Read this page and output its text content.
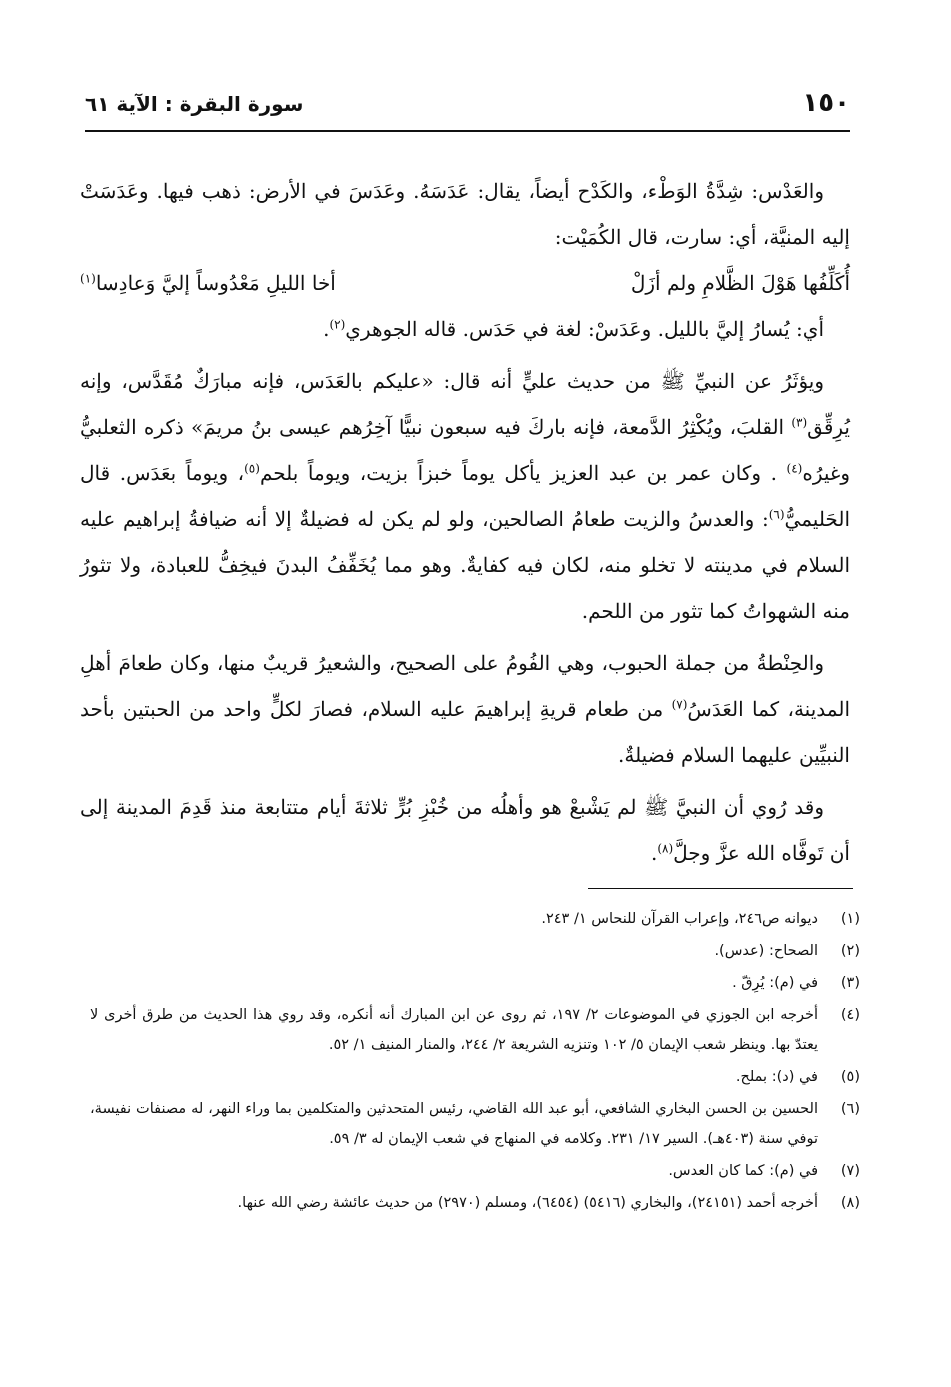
١٥٠
سورة البقرة : الآية ٦١

والعَدْس: شِدَّةُ الوَطْء، والكَدْح أيضاً، يقال: عَدَسَهُ. وعَدَسَ في الأرض: ذهب فيها. وعَدَسَتْ إليه المنيَّة، أي: سارت، قال الكُمَيْت:

أُكَلِّفُها هَوْلَ الظَّلامِ ولم أزَلْ
أخا الليلِ مَعْدُوساً إليَّ وَعادِسا$^{(١)}$

أي: يُسارُ إليَّ بالليل. وعَدَسْ: لغة في حَدَس. قاله الجوهري$^{(٢)}$.

ويؤثَرُ عن النبيِّ ﷺ من حديث عليٍّ أنه قال: «عليكم بالعَدَس، فإنه مبارَكٌ مُقَدَّس، وإنه يُرِقِّق$^{(٣)}$ القلبَ، ويُكْثِرُ الدَّمعة، فإنه باركَ فيه سبعون نبيًّا آخِرُهم عيسى بنُ مريمَ» ذكره الثعلبيُّ وغيرُه$^{(٤)}$ . وكان عمر بن عبد العزيز يأكل يوماً خبزاً بزيت، ويوماً بلحم$^{(٥)}$، ويوماً بعَدَس. قال الحَليميُّ$^{(٦)}$: والعدسُ والزيت طعامُ الصالحين، ولو لم يكن له فضيلةٌ إلا أنه ضيافةُ إبراهيم عليه السلام في مدينته لا تخلو منه، لكان فيه كفايةٌ. وهو مما يُخَفِّفُ البدنَ فيخِفُّ للعبادة، ولا تثورُ منه الشهواتُ كما تثور من اللحم.

والحِنْطةُ من جملة الحبوب، وهي الفُومُ على الصحيح، والشعيرُ قريبٌ منها، وكان طعامَ أهلِ المدينة، كما العَدَسُ$^{(٧)}$ من طعام قريةِ إبراهيمَ عليه السلام، فصارَ لكلٍّ واحد من الحبتين بأحد النبيِّين عليهما السلام فضيلةٌ.

وقد رُوي أن النبيَّ ﷺ لم يَشْبعْ هو وأهلُه من خُبْزِ بُرٍّ ثلاثةَ أيام متتابعة منذ قَدِمَ المدينة إلى أن تَوفَّاه الله عزَّ وجلَّ$^{(٨)}$.

(١)
ديوانه ص٢٤٦، وإعراب القرآن للنحاس ١/ ٢٤٣.
(٢)
الصحاح: (عدس).
(٣)
في (م): يُرِقّ .
(٤)
أخرجه ابن الجوزي في الموضوعات ٢/ ١٩٧، ثم روى عن ابن المبارك أنه أنكره، وقد روي هذا الحديث من طرق أخرى لا يعتدّ بها. وينظر شعب الإيمان ٥/ ١٠٢ وتنزيه الشريعة ٢/ ٢٤٤، والمنار المنيف ١/ ٥٢.
(٥)
في (د): بملح.
(٦)
الحسين بن الحسن البخاري الشافعي، أبو عبد الله القاضي، رئيس المتحدثين والمتكلمين بما وراء النهر، له مصنفات نفيسة، توفي سنة (٤٠٣هـ). السير ١٧/ ٢٣١. وكلامه في المنهاج في شعب الإيمان له ٣/ ٥٩.
(٧)
في (م): كما كان العدس.
(٨)
أخرجه أحمد (٢٤١٥١)، والبخاري (٥٤١٦) (٦٤٥٤)، ومسلم (٢٩٧٠) من حديث عائشة رضي الله عنها.
